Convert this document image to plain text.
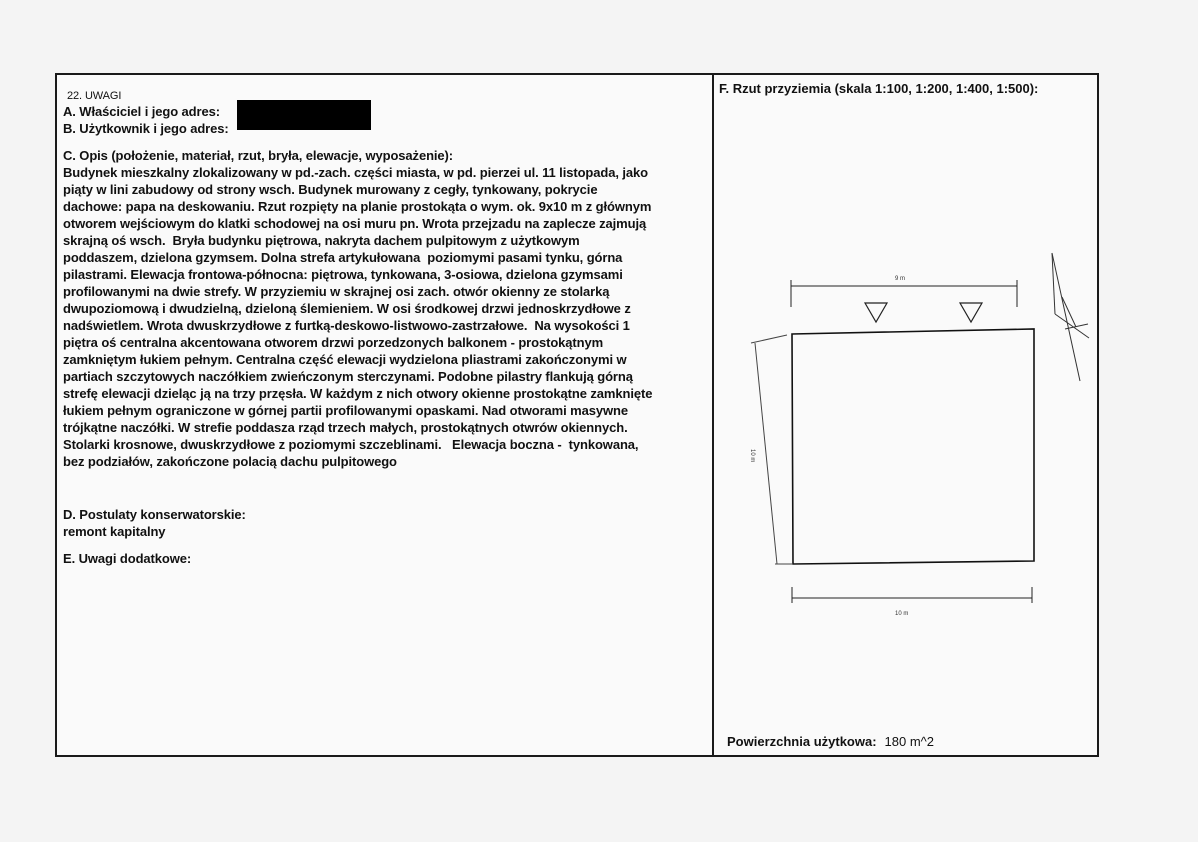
22. UWAGI
A. Właściciel i jego adres:
B. Użytkownik i jego adres:
C. Opis (położenie, materiał, rzut, bryła, elewacje, wyposażenie):
Budynek mieszkalny zlokalizowany w pd.-zach. części miasta, w pd. pierzei ul. 11 listopada, jako
piąty w lini zabudowy od strony wsch. Budynek murowany z cegły, tynkowany, pokrycie
dachowe: papa na deskowaniu. Rzut rozpięty na planie prostokąta o wym. ok. 9x10 m z głównym
otworem wejściowym do klatki schodowej na osi muru pn. Wrota przejzadu na zaplecze zajmują
skrajną oś wsch.  Bryła budynku piętrowa, nakryta dachem pulpitowym z użytkowym
poddaszem, dzielona gzymsem. Dolna strefa artykułowana  poziomymi pasami tynku, górna
pilastrami. Elewacja frontowa-północna: piętrowa, tynkowana, 3-osiowa, dzielona gzymsami
profilowanymi na dwie strefy. W przyziemiu w skrajnej osi zach. otwór okienny ze stolarką
dwupoziomową i dwudzielną, dzieloną ślemieniem. W osi środkowej drzwi jednoskrzydłowe z
nadświetlem. Wrota dwuskrzydłowe z furtką-deskowo-listwowo-zastrzałowe.  Na wysokości 1
piętra oś centralna akcentowana otworem drzwi porzedzonych balkonem - prostokątnym
zamkniętym łukiem pełnym. Centralna część elewacji wydzielona pliastrami zakończonymi w
partiach szczytowych naczółkiem zwieńczonym sterczynami. Podobne pilastry flankują górną
strefę elewacji dzieląc ją na trzy przęsła. W każdym z nich otwory okienne prostokątne zamknięte
łukiem pełnym ograniczone w górnej partii profilowanymi opaskami. Nad otworami masywne
trójkątne naczółki. W strefie poddasza rząd trzech małych, prostokątnych otwrów okiennych.
Stolarki krosnowe, dwuskrzydłowe z poziomymi szczeblinami.   Elewacja boczna -  tynkowana,
bez podziałów, zakończone polacią dachu pulpitowego
D. Postulaty konserwatorskie:
remont kapitalny
E. Uwagi dodatkowe:
F. Rzut przyziemia (skala 1:100, 1:200, 1:400, 1:500):
9 m
10 m
10 m
Powierzchnia użytkowa: 180 m^2
